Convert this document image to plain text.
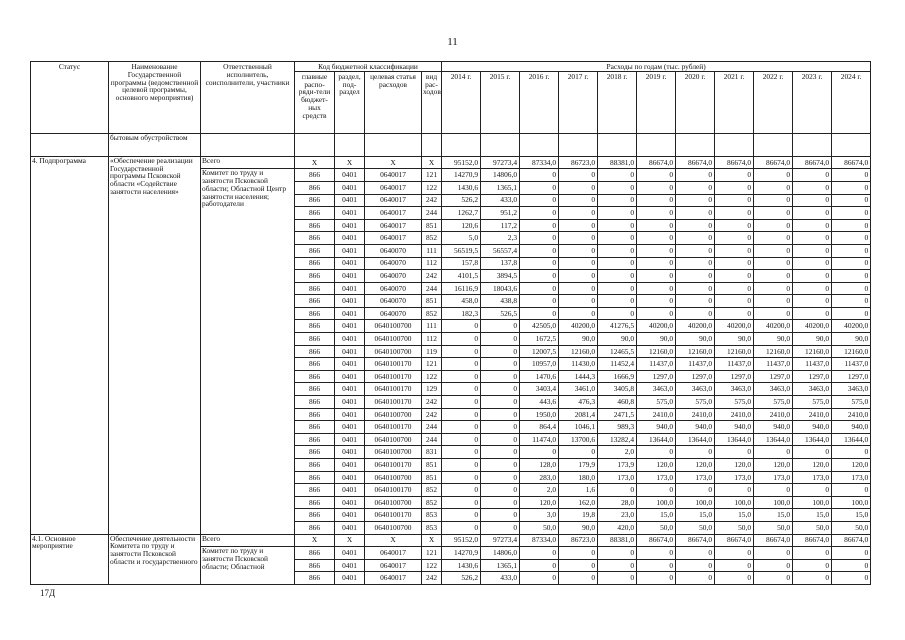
11
Статус	Наименование Государственной программы (ведомственной целевой программы, основного мероприятия)	Ответственный исполнитель, соисполнители, участники	Код бюджетной классификации				Расходы по годам (тыс. рублей)										
			главные распо-ряди-тели бюджет-ных средств	раздел, под-раздел	целевая статья расходов	вид рас-ходов	2014 г.	2015 г.	2016 г.	2017 г.	2018 г.	2019 г.	2020 г.	2021 г.	2022 г.	2023 г.	2024 г.
	бытовым обустройством																
4. Подпрограмма	«Обеспечение реализации Государственной программы Псковской области «Содействие занятости населения»	Всего	X	X	X	X	95152,0	97273,4	87334,0	86723,0	88381,0	86674,0	86674,0	86674,0	86674,0	86674,0	86674,0
		Комитет по труду и занятости Псковской области; Областной Центр занятости населения; работодатели	866	0401	0640017	121	14270,9	14806,0	0	0	0	0	0	0	0	0	0
			866	0401	0640017	122	1430,6	1365,1	0	0	0	0	0	0	0	0	0
			866	0401	0640017	242	526,2	433,0	0	0	0	0	0	0	0	0	0
			866	0401	0640017	244	1262,7	951,2	0	0	0	0	0	0	0	0	0
			866	0401	0640017	851	120,6	117,2	0	0	0	0	0	0	0	0	0
			866	0401	0640017	852	5,0	2,3	0	0	0	0	0	0	0	0	0
			866	0401	0640070	111	56519,5	56557,4	0	0	0	0	0	0	0	0	0
			866	0401	0640070	112	157,8	137,8	0	0	0	0	0	0	0	0	0
			866	0401	0640070	242	4101,5	3894,5	0	0	0	0	0	0	0	0	0
			866	0401	0640070	244	16116,9	18043,6	0	0	0	0	0	0	0	0	0
			866	0401	0640070	851	458,0	438,8	0	0	0	0	0	0	0	0	0
			866	0401	0640070	852	182,3	526,5	0	0	0	0	0	0	0	0	0
			866	0401	0640100700	111	0	0	42505,0	40200,0	41276,5	40200,0	40200,0	40200,0	40200,0	40200,0	40200,0
			866	0401	0640100700	112	0	0	1672,5	90,0	90,0	90,0	90,0	90,0	90,0	90,0	90,0
			866	0401	0640100700	119	0	0	12007,5	12160,0	12465,5	12160,0	12160,0	12160,0	12160,0	12160,0	12160,0
			866	0401	0640100170	121	0	0	10957,0	11430,0	11452,4	11437,0	11437,0	11437,0	11437,0	11437,0	11437,0
			866	0401	0640100170	122	0	0	1470,6	1444,3	1666,9	1297,0	1297,0	1297,0	1297,0	1297,0	1297,0
			866	0401	0640100170	129	0	0	3403,4	3461,0	3405,8	3463,0	3463,0	3463,0	3463,0	3463,0	3463,0
			866	0401	0640100170	242	0	0	443,6	476,3	460,8	575,0	575,0	575,0	575,0	575,0	575,0
			866	0401	0640100700	242	0	0	1950,0	2081,4	2471,5	2410,0	2410,0	2410,0	2410,0	2410,0	2410,0
			866	0401	0640100170	244	0	0	864,4	1046,1	989,3	940,0	940,0	940,0	940,0	940,0	940,0
			866	0401	0640100700	244	0	0	11474,0	13700,6	13282,4	13644,0	13644,0	13644,0	13644,0	13644,0	13644,0
			866	0401	0640100700	831	0	0	0	0	2,0	0	0	0	0	0	0
			866	0401	0640100170	851	0	0	128,0	179,9	173,9	120,0	120,0	120,0	120,0	120,0	120,0
			866	0401	0640100700	851	0	0	283,0	180,0	173,0	173,0	173,0	173,0	173,0	173,0	173,0
			866	0401	0640100170	852	0	0	2,0	1,6	0	0	0	0	0	0	0
			866	0401	0640100700	852	0	0	120,0	162,0	28,0	100,0	100,0	100,0	100,0	100,0	100,0
			866	0401	0640100170	853	0	0	3,0	19,8	23,0	15,0	15,0	15,0	15,0	15,0	15,0
			866	0401	0640100700	853	0	0	50,0	90,0	420,0	50,0	50,0	50,0	50,0	50,0	50,0
4.1. Основное мероприятие	Обеспечение деятельности Комитета по труду и занятости Псковской области и государственного	Всего	X	X	X	X	95152,0	97273,4	87334,0	86723,0	88381,0	86674,0	86674,0	86674,0	86674,0	86674,0	86674,0
		Комитет по труду и занятости Псковской области; Областной	866	0401	0640017	121	14270,9	14806,0	0	0	0	0	0	0	0	0	0
			866	0401	0640017	122	1430,6	1365,1	0	0	0	0	0	0	0	0	0
			866	0401	0640017	242	526,2	433,0	0	0	0	0	0	0	0	0	0
17Д
